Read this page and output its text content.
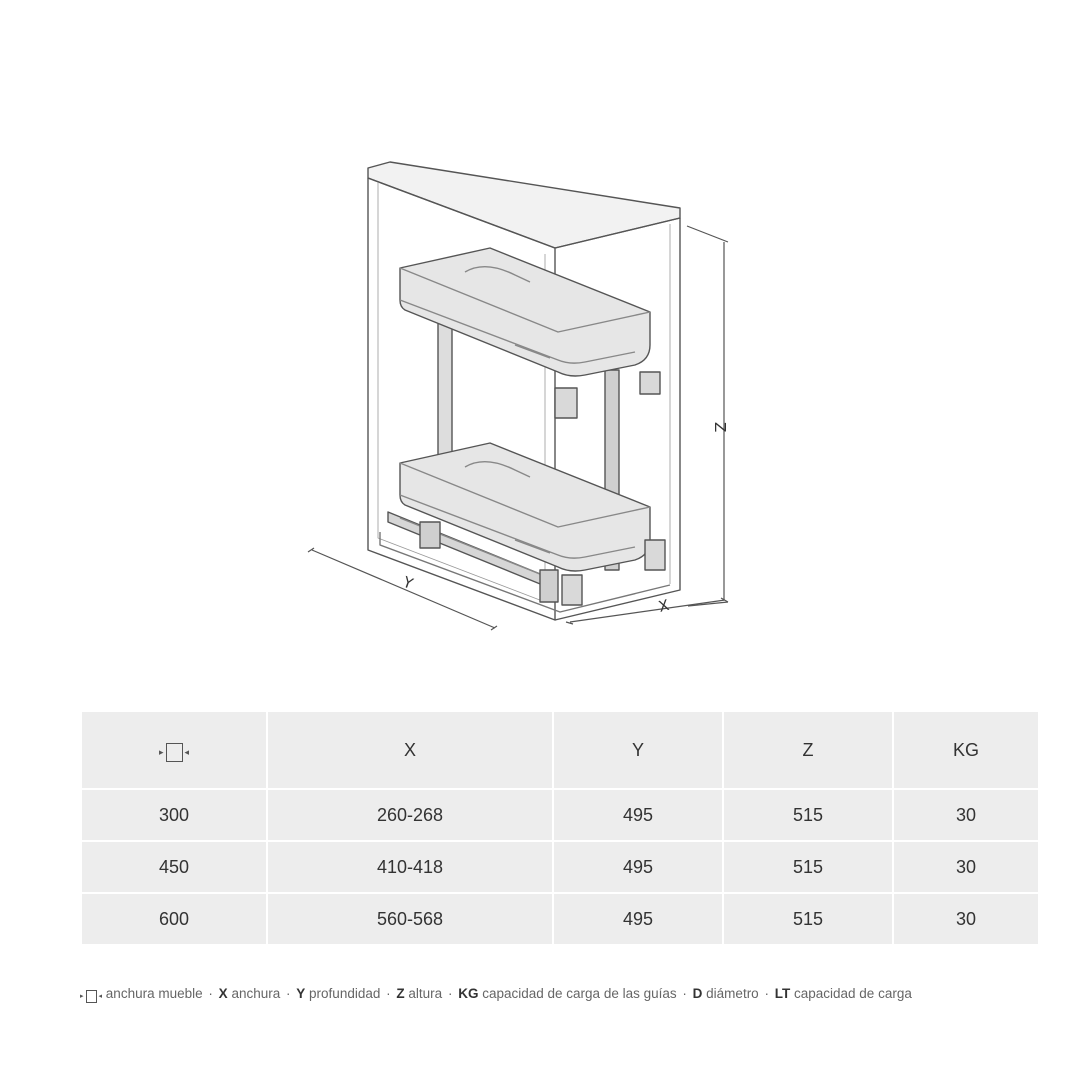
Z
Y
X
▸ ◂	X	Y	Z	KG
300	260-268	495	515	30
450	410-418	495	515	30
600	560-568	495	515	30
▸ ◂ anchura mueble · X anchura · Y profundidad · Z altura · KG capacidad de carga de las guías · D diámetro · LT capacidad de carga
